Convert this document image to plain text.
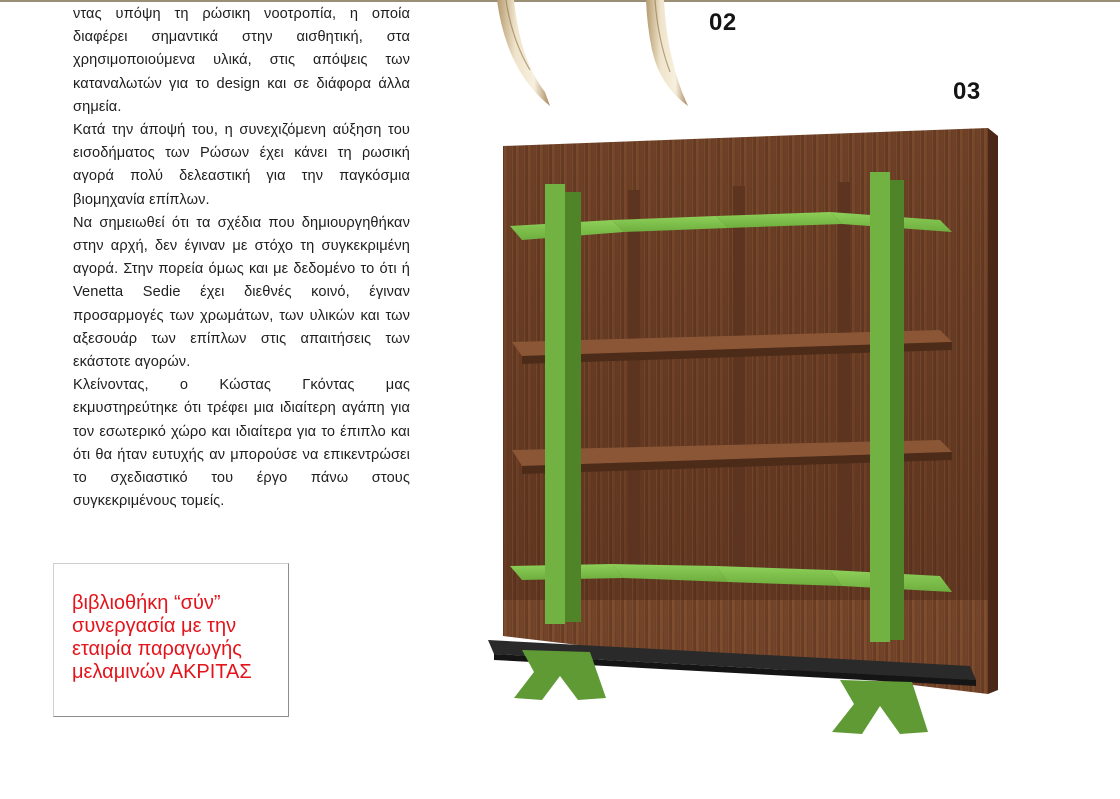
ντας υπόψη τη ρώσικη νοοτροπία, η οποία διαφέρει σημαντικά στην αισθητική, στα χρησιμοποιούμενα υλικά, στις απόψεις των καταναλωτών για το design και σε διάφορα άλλα σημεία.

Κατά την άποψή του, η συνεχιζόμενη αύξηση του εισοδήματος των Ρώσων έχει κάνει τη ρωσική αγορά πολύ δελεαστική για την παγκόσμια βιομηχανία επίπλων.

Να σημειωθεί ότι τα σχέδια που δημιουργηθήκαν στην αρχή, δεν έγιναν με στόχο τη συγκεκριμένη αγορά. Στην πορεία όμως και με δεδομένο το ότι ή Venetta Sedie έχει διεθνές κοινό, έγιναν προσαρμογές των χρωμάτων, των υλικών και των αξεσουάρ των επίπλων στις απαιτήσεις των εκάστοτε αγορών.

Κλείνοντας, ο Κώστας Γκόντας μας εκμυστηρεύτηκε ότι τρέφει μια ιδιαίτερη αγάπη για τον εσωτερικό χώρο και ιδιαίτερα για το έπιπλο και ότι θα ήταν ευτυχής αν μπορούσε να επικεντρώσει το σχεδιαστικό του έργο πάνω στους συγκεκριμένους τομείς.

βιβλιοθήκη “σύν” συνεργασία με την εταιρία παραγωγής μελαμινών ΑΚΡΙΤΑΣ
02
03
